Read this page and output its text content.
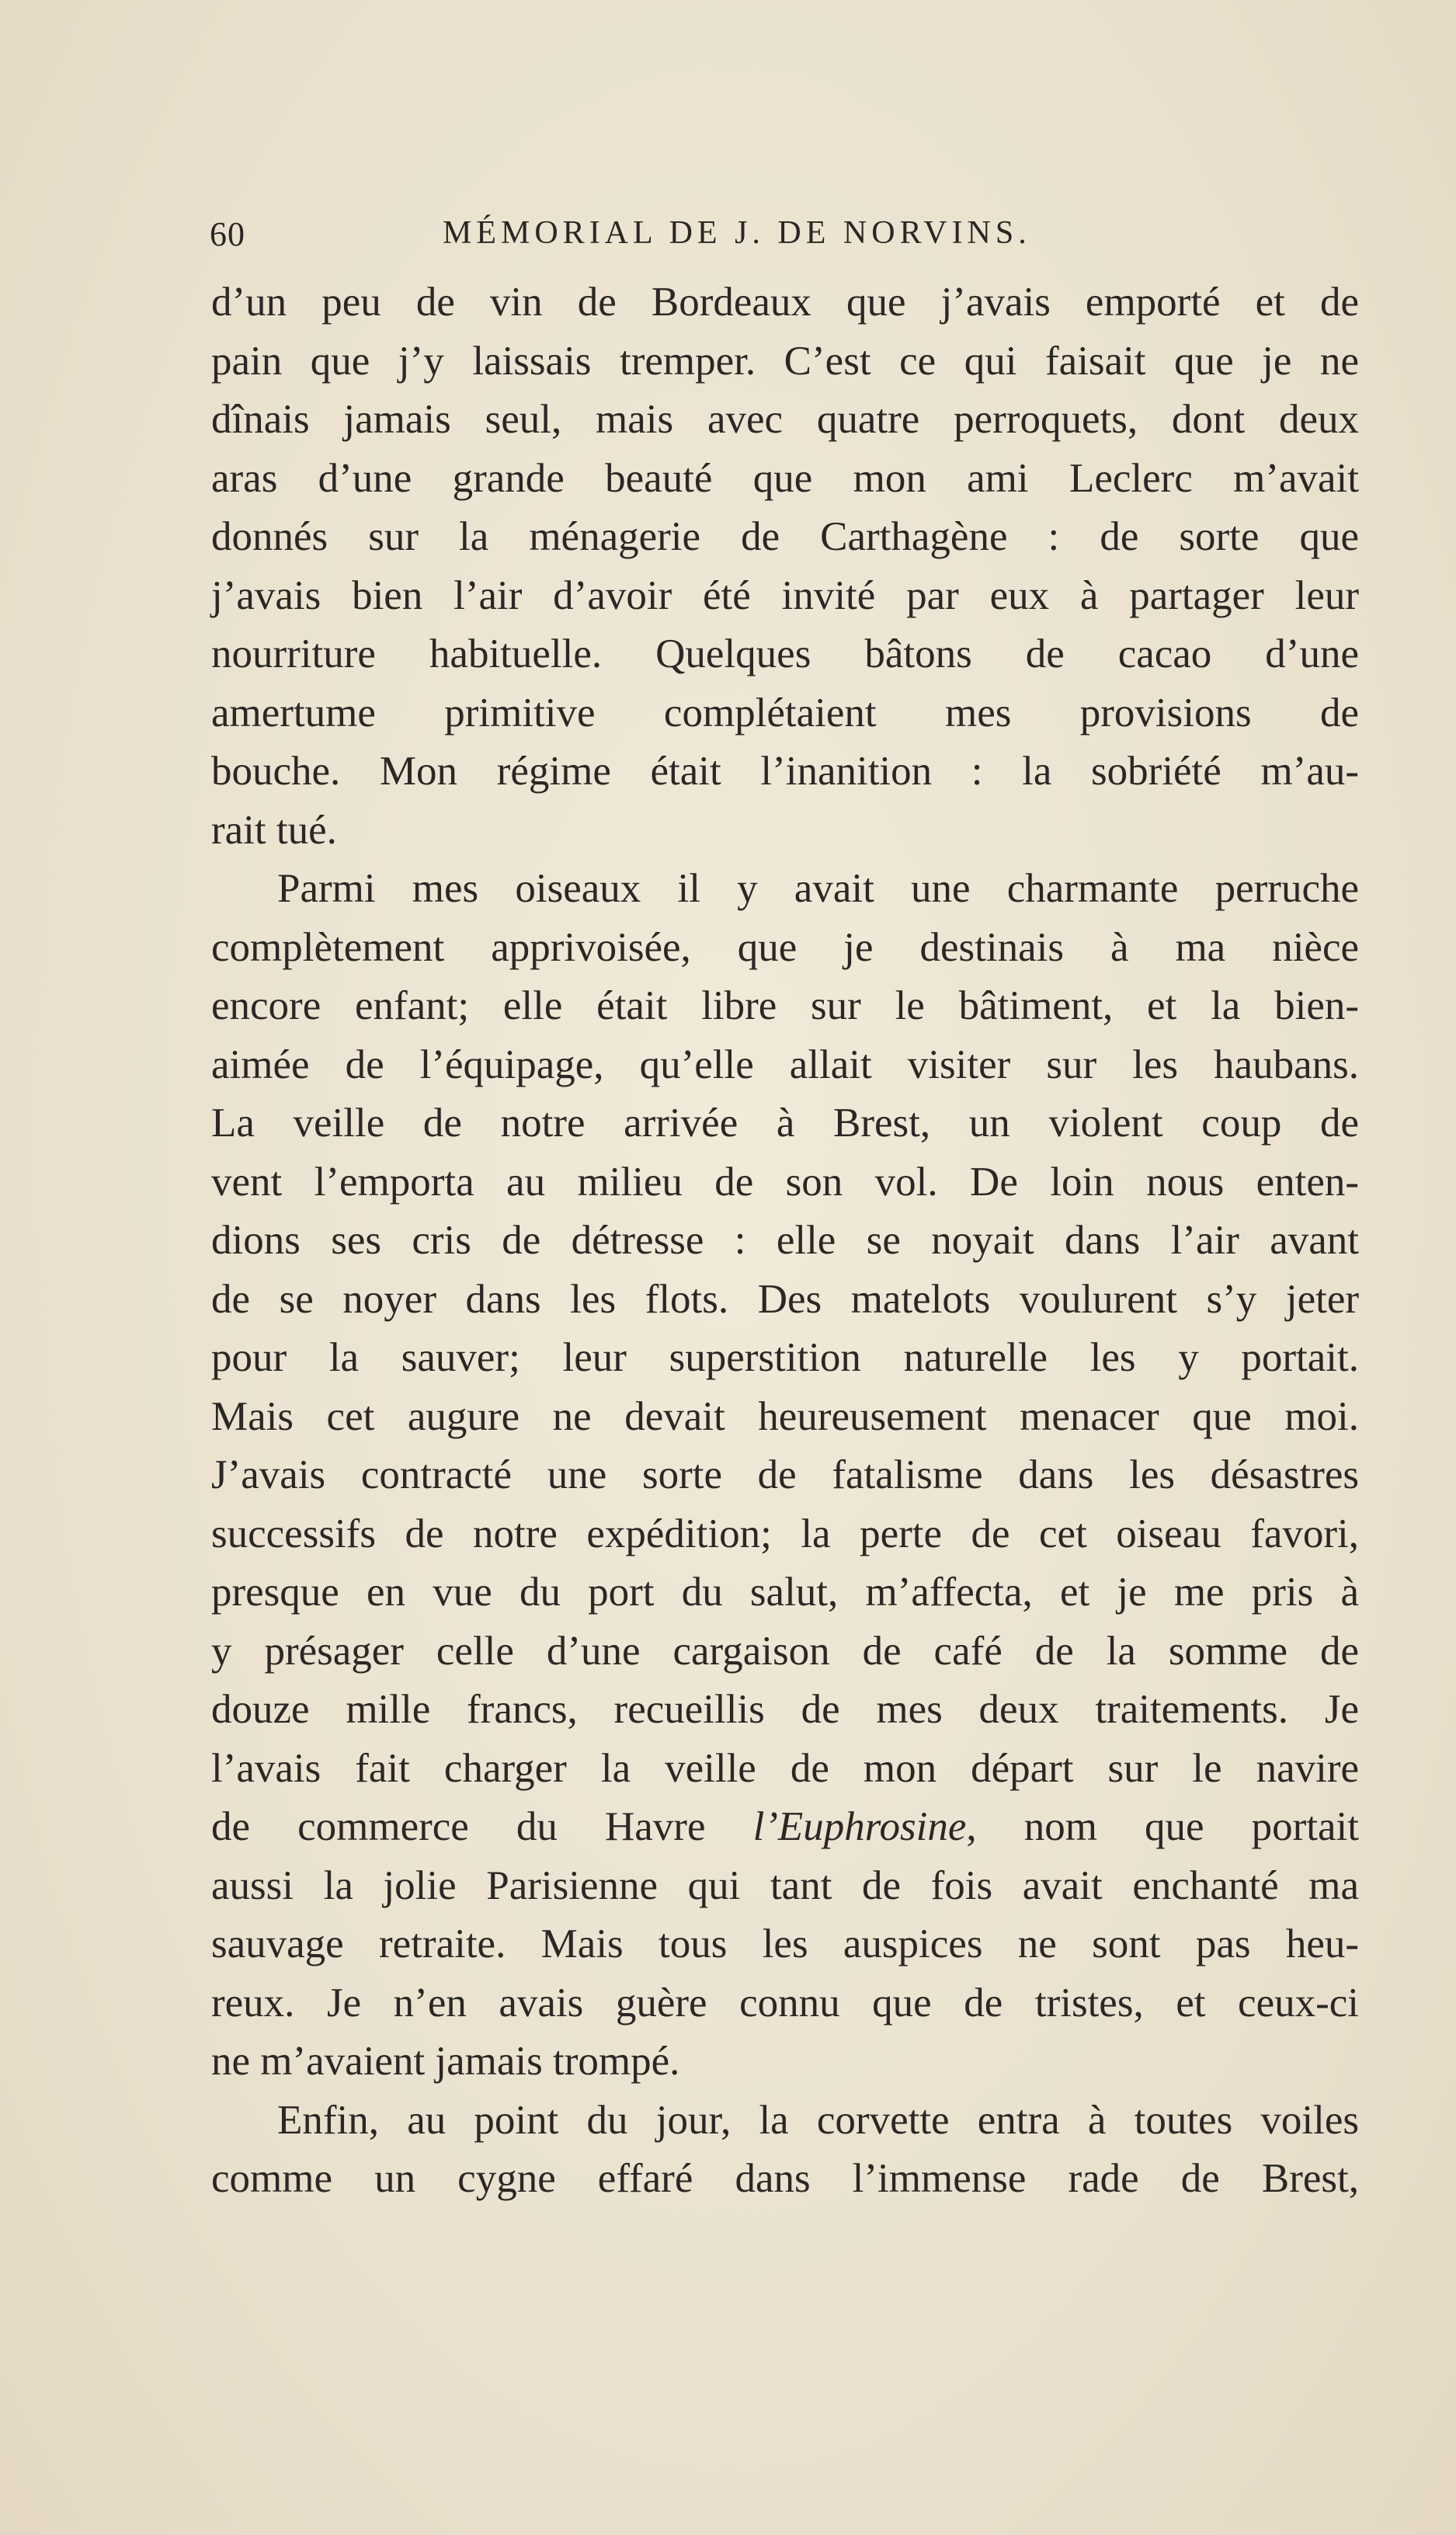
60	MÉMORIAL DE J. DE NORVINS.

d’un peu de vin de Bordeaux que j’avais emporté et de
pain que j’y laissais tremper. C’est ce qui faisait que je ne
dînais jamais seul, mais avec quatre perroquets, dont deux
aras d’une grande beauté que mon ami Leclerc m’avait
donnés sur la ménagerie de Carthagène : de sorte que
j’avais bien l’air d’avoir été invité par eux à partager leur
nourriture habituelle. Quelques bâtons de cacao d’une
amertume primitive complétaient mes provisions de
bouche. Mon régime était l’inanition : la sobriété m’au-
rait tué.

Parmi mes oiseaux il y avait une charmante perruche
complètement apprivoisée, que je destinais à ma nièce
encore enfant; elle était libre sur le bâtiment, et la bien-
aimée de l’équipage, qu’elle allait visiter sur les haubans.
La veille de notre arrivée à Brest, un violent coup de
vent l’emporta au milieu de son vol. De loin nous enten-
dions ses cris de détresse : elle se noyait dans l’air avant
de se noyer dans les flots. Des matelots voulurent s’y jeter
pour la sauver; leur superstition naturelle les y portait.
Mais cet augure ne devait heureusement menacer que moi.
J’avais contracté une sorte de fatalisme dans les désastres
successifs de notre expédition; la perte de cet oiseau favori,
presque en vue du port du salut, m’affecta, et je me pris à
y présager celle d’une cargaison de café de la somme de
douze mille francs, recueillis de mes deux traitements. Je
l’avais fait charger la veille de mon départ sur le navire
de commerce du Havre l’Euphrosine, nom que portait
aussi la jolie Parisienne qui tant de fois avait enchanté ma
sauvage retraite. Mais tous les auspices ne sont pas heu-
reux. Je n’en avais guère connu que de tristes, et ceux-ci
ne m’avaient jamais trompé.

Enfin, au point du jour, la corvette entra à toutes voiles
comme un cygne effaré dans l’immense rade de Brest,
